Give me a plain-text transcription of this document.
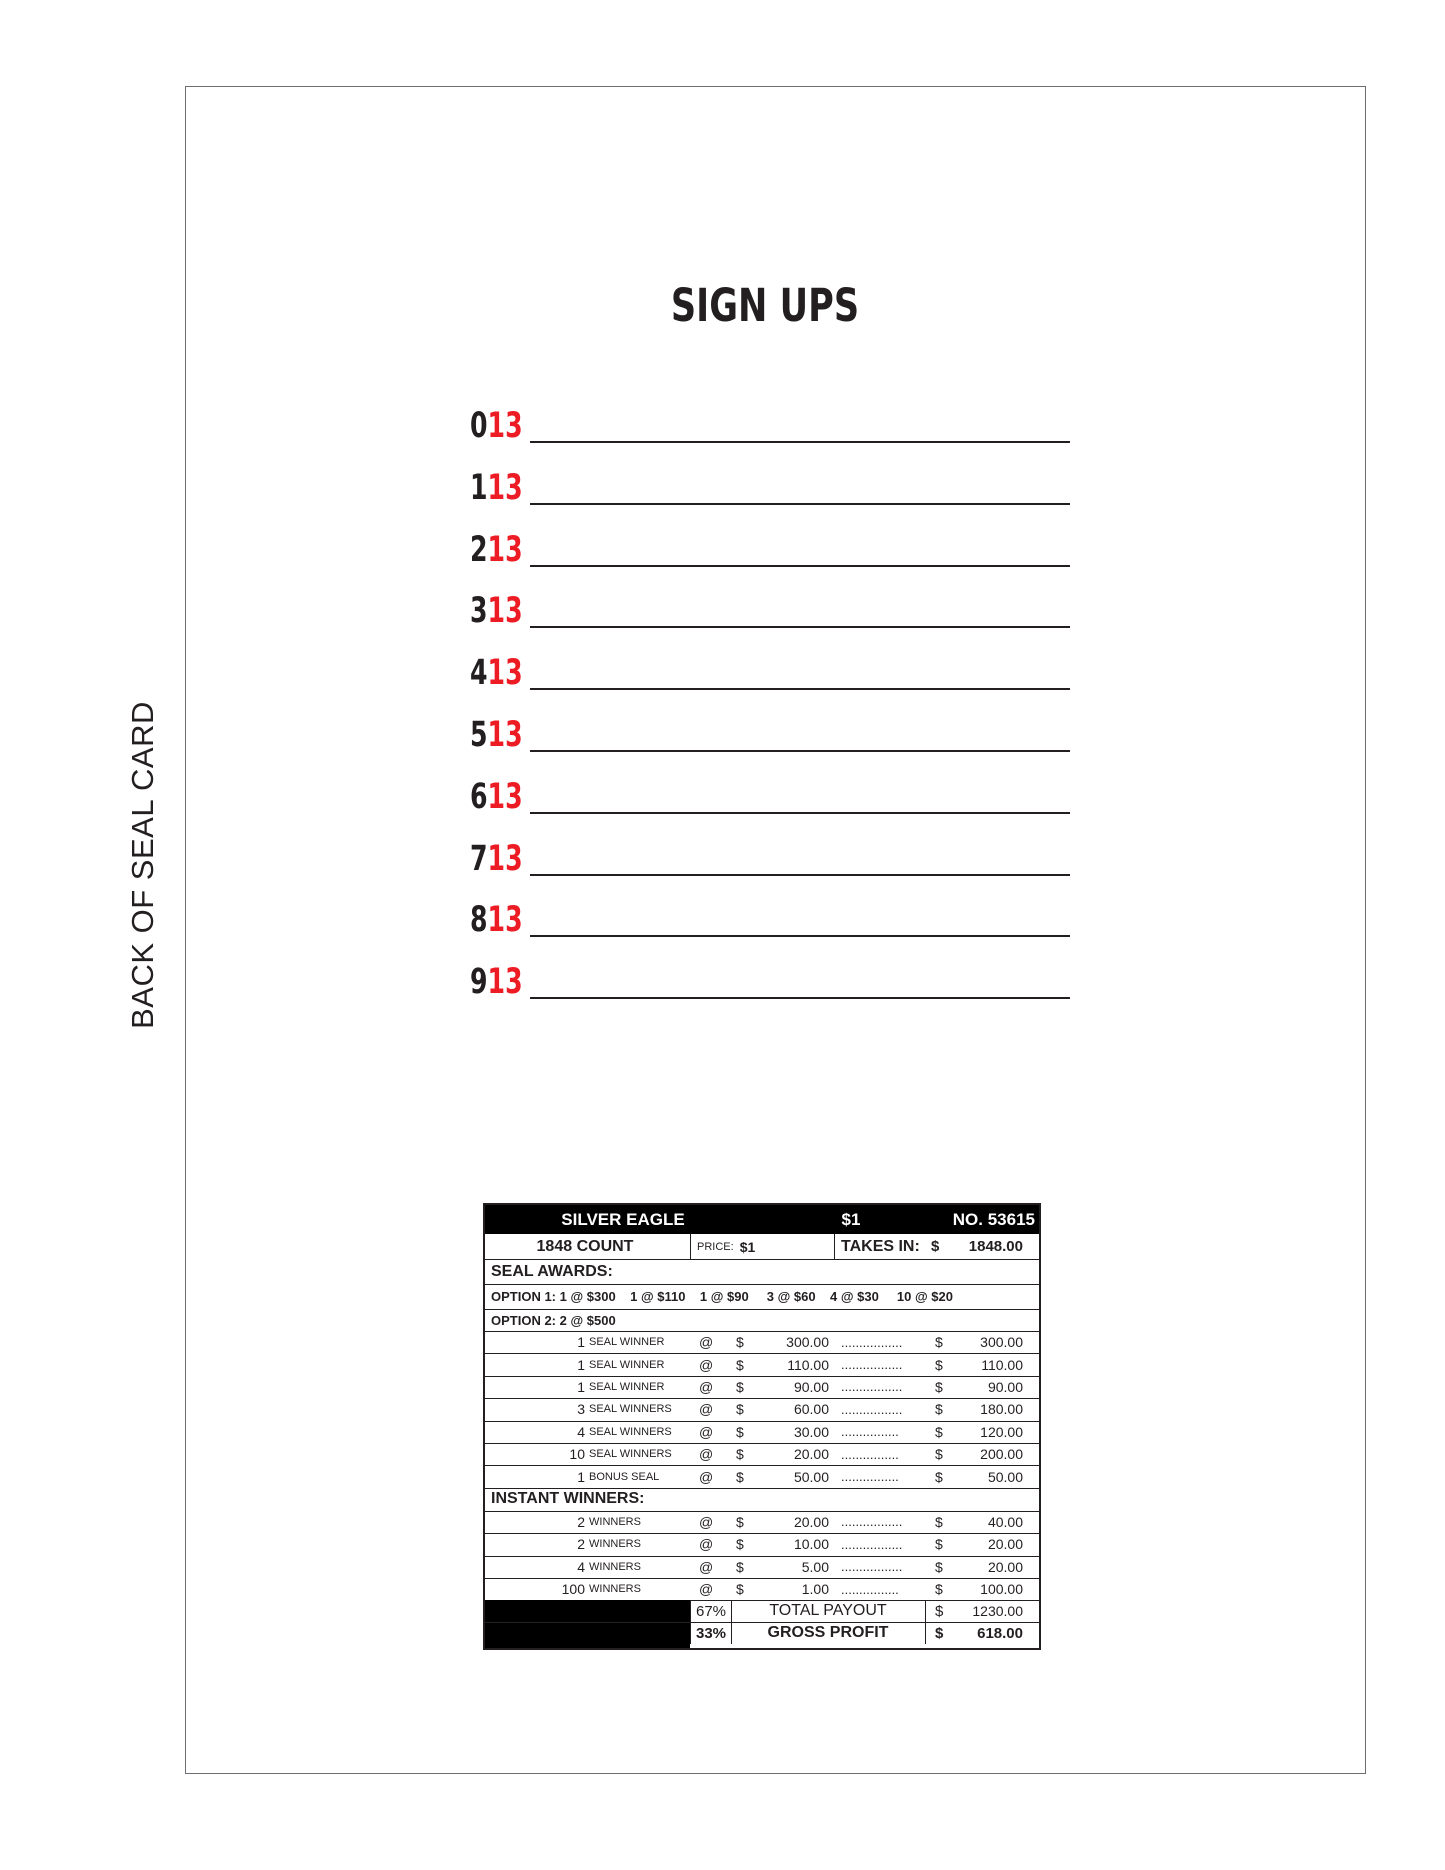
BACK OF SEAL CARD
SIGN UPS
013
113
213
313
413
513
613
713
813
913
SILVER EAGLE	$1	NO. 53615
1848 COUNT	PRICE: $1	TAKES IN: $	1848.00
SEAL AWARDS:
OPTION 1: 1 @ $300    1 @ $110    1 @ $90     3 @ $60    4 @ $30     10 @ $20
OPTION 2: 2 @ $500
1 SEAL WINNER	@ $	300.00 .................	$	300.00
1 SEAL WINNER	@ $	110.00 .................	$	110.00
1 SEAL WINNER	@ $	90.00 .................	$	90.00
3 SEAL WINNERS	@ $	60.00 .................	$	180.00
4 SEAL WINNERS	@ $	30.00 ................	$	120.00
10 SEAL WINNERS	@ $	20.00 ................	$	200.00
1 BONUS SEAL	@ $	50.00 ................	$	50.00
INSTANT WINNERS:
2 WINNERS	@ $	20.00 .................	$	40.00
2 WINNERS	@ $	10.00 .................	$	20.00
4 WINNERS	@ $	5.00 .................	$	20.00
100 WINNERS	@ $	1.00 ................	$	100.00
67%	TOTAL PAYOUT	$	1230.00
33%	GROSS PROFIT	$	618.00
